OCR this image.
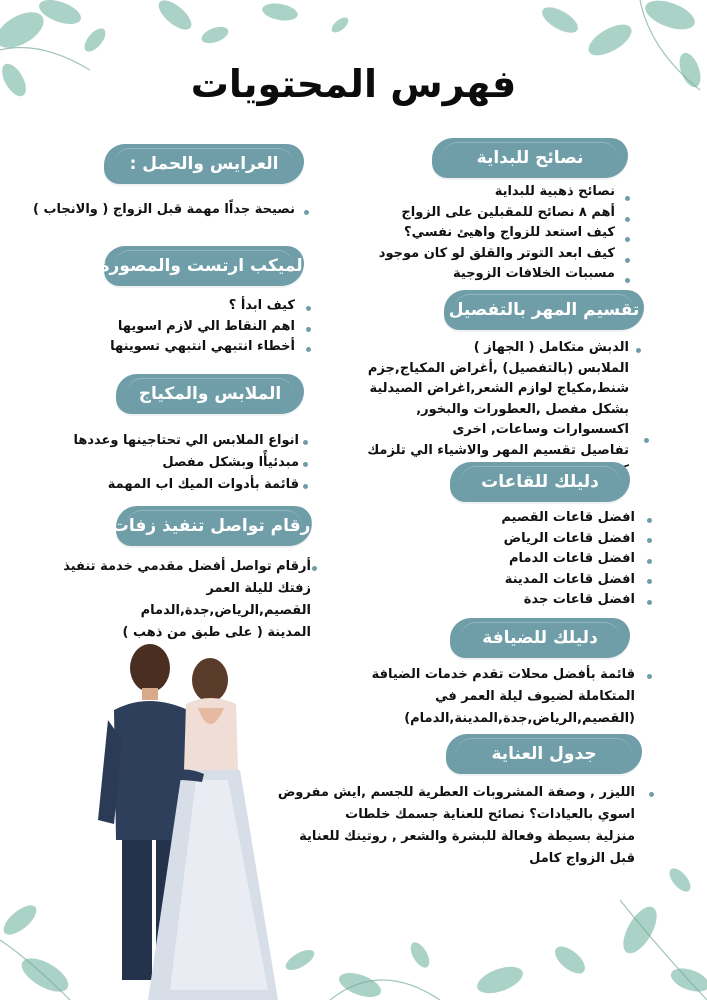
فهرس المحتويات
نصائح للبداية
نصائح ذهبية للبداية
أهم ٨ نصائح للمقبلين على الزواج
كيف استعد للزواج واهيئ نفسي؟
كيف ابعد التوتر والقلق لو كان موجود
مسببات الخلافات الزوجية
تقسيم المهر بالتفصيل
الدبش متكامل ( الجهاز )
الملابس (بالتفصيل) ,أغراض المكياج,جزم
شنط,مكياج لوازم الشعر,اغراض الصيدلية
بشكل مفصل ,العطورات والبخور,
اكسسوارات وساعات, اخرى
تفاصيل تقسيم المهر والاشياء الي تلزمك
دليلك للقاعات
افضل قاعات القصيم
افضل قاعات الرياض
افضل قاعات الدمام
افضل قاعات المدينة
افضل قاعات جدة
دليلك للضيافة
قائمة بأفضل محلات تقدم خدمات الضيافة
المتكاملة لضيوف ليلة العمر في
(القصيم,الرياض,جدة,المدينة,الدمام)
جدول العناية
الليزر , وصفة المشروبات العطرية للجسم ,ايش مفروض
اسوي بالعيادات؟ نصائح للعناية جسمك خلطات
منزلية بسيطة وفعالة للبشرة والشعر , روتينك للعناية
قبل الزواج كامل
العرايس والحمل :
نصيحة جداًا مهمة قبل الزواج ( والانجاب )
الميكب ارتست والمصورة
كيف ابدأ ؟
اهم النقاط الي لازم اسويها
أخطاء انتبهي انتبهي تسوينها
الملابس والمكياج
انواع الملابس الي تحتاجينها وعددها
مبدئيأًا وبشكل مفصل
قائمة بأدوات الميك اب المهمة
ارقام تواصل تنفيذ زفات
أرقام تواصل أفضل مقدمي خدمة تنفيذ
زفتك لليلة العمر
القصيم,الرياض,جدة,الدمام
المدينة ( على طبق من ذهب )
